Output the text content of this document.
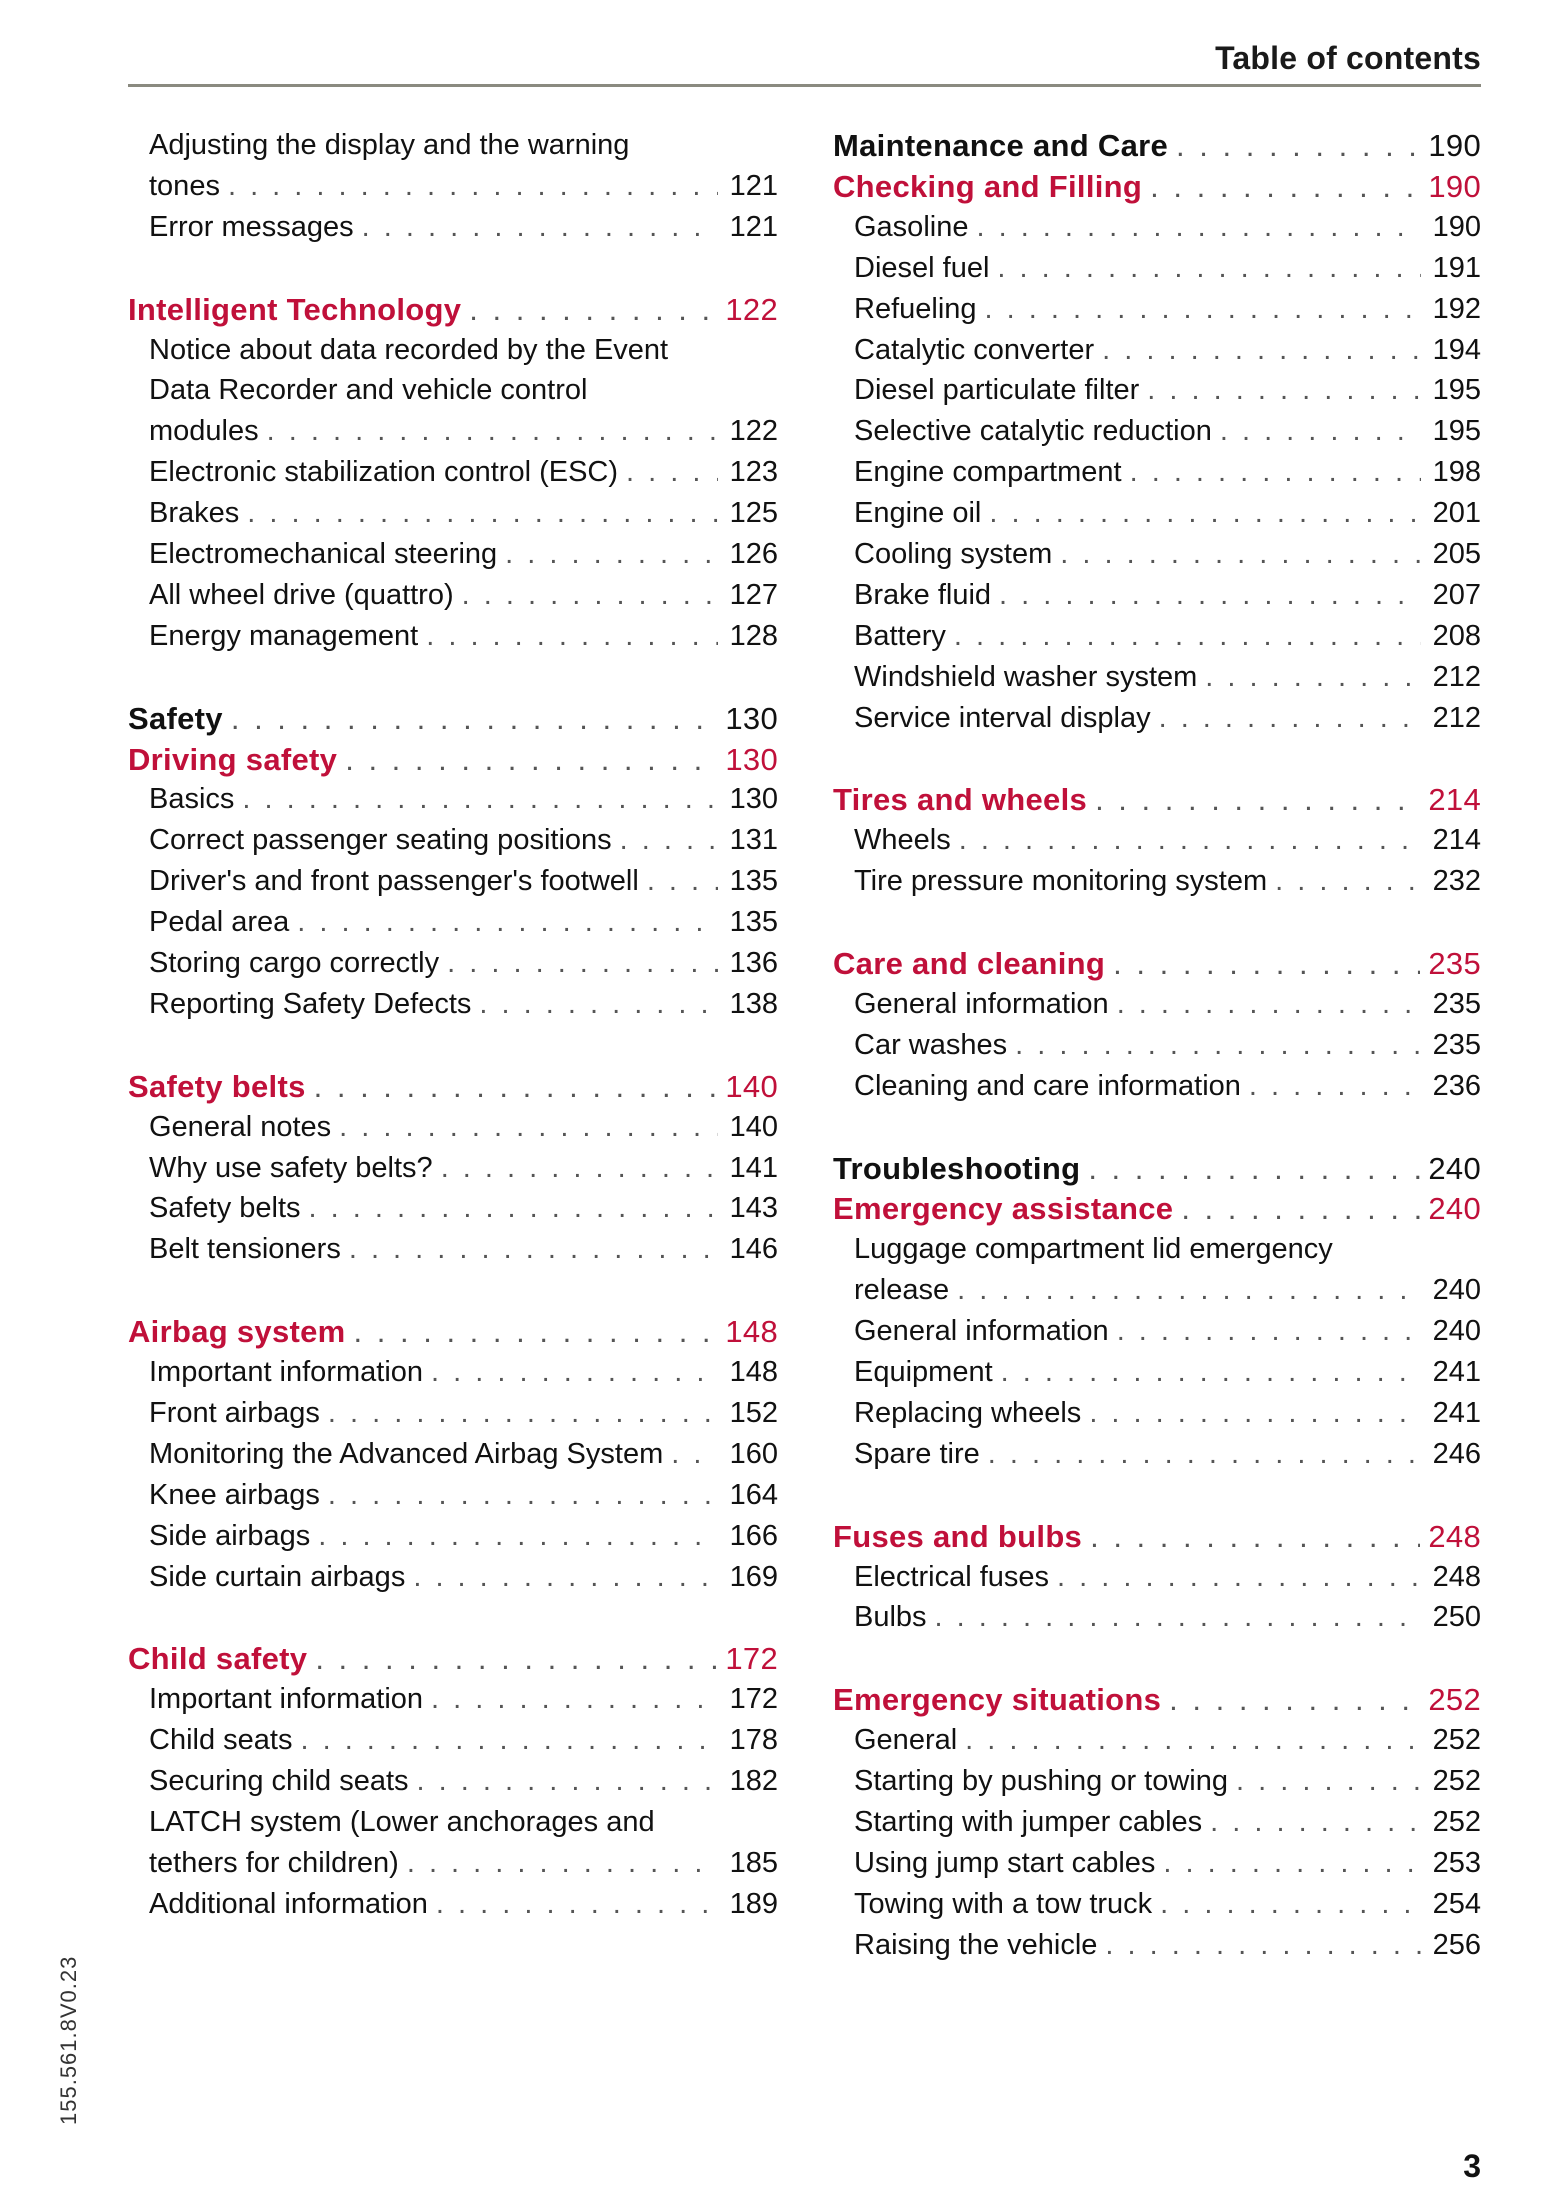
Table of contents
Adjusting the display and the warning
tones . . .	121
Error messages . . .	121
Intelligent Technology . . .	122
Notice about data recorded by the Event
Data Recorder and vehicle control
modules . . .	122
Electronic stabilization control (ESC) . . .	123
Brakes . . .	125
Electromechanical steering . . .	126
All wheel drive (quattro) . . .	127
Energy management . . .	128
Safety . . .	130
Driving safety . . .	130
Basics . . .	130
Correct passenger seating positions . . .	131
Driver's and front passenger's footwell . . .	135
Pedal area . . .	135
Storing cargo correctly . . .	136
Reporting Safety Defects . . .	138
Safety belts . . .	140
General notes . . .	140
Why use safety belts? . . .	141
Safety belts . . .	143
Belt tensioners . . .	146
Airbag system . . .	148
Important information . . .	148
Front airbags . . .	152
Monitoring the Advanced Airbag System . . . 160
Knee airbags . . .	164
Side airbags . . .	166
Side curtain airbags . . .	169
Child safety . . .	172
Important information . . .	172
Child seats . . .	178
Securing child seats . . .	182
LATCH system (Lower anchorages and
tethers for children) . . .	185
Additional information . . .	189
Maintenance and Care . . .	190
Checking and Filling . . .	190
Gasoline . . .	190
Diesel fuel . . .	191
Refueling . . .	192
Catalytic converter . . .	194
Diesel particulate filter . . .	195
Selective catalytic reduction . . .	195
Engine compartment . . .	198
Engine oil . . .	201
Cooling system . . .	205
Brake fluid . . .	207
Battery . . .	208
Windshield washer system . . .	212
Service interval display . . .	212
Tires and wheels . . .	214
Wheels . . .	214
Tire pressure monitoring system . . .	232
Care and cleaning . . .	235
General information . . .	235
Car washes . . .	235
Cleaning and care information . . .	236
Troubleshooting . . .	240
Emergency assistance . . .	240
Luggage compartment lid emergency
release . . .	240
General information . . .	240
Equipment . . .	241
Replacing wheels . . .	241
Spare tire . . .	246
Fuses and bulbs . . .	248
Electrical fuses . . .	248
Bulbs . . .	250
Emergency situations . . .	252
General . . .	252
Starting by pushing or towing . . .	252
Starting with jumper cables . . .	252
Using jump start cables . . .	253
Towing with a tow truck . . .	254
Raising the vehicle . . .	256
155.561.8V0.23
3
